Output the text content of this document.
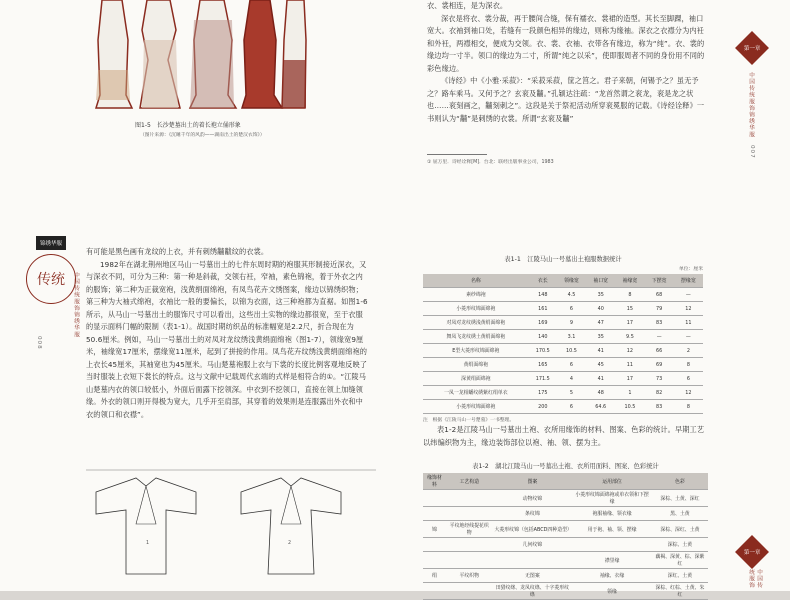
图1-5　长沙楚墓出土的着长袍立俑形象
（图片来源：《沉睡千年的风韵——湖南出土的楚汉衣饰》）

衣、裳相连，是为深衣。

深衣是将衣、裳分裁，再于腰间合缝，保有襦衣、裳裙的造型。其长至脚踝，袖口宽大。衣袖到袖口处，若缝有一段颜色相异的缘边，则称为缘袖。深衣之衣襟分为内衽和外衽，两襟相交，便成为交领。衣、裳、衣袖、衣带各有缘边，称为“纯”。衣、裳的缘边均一寸半。领口的缘边为二寸，所谓“纯之以采”，使即服周者不同的身份用不同的彩色缘边。

《诗经》中《小雅·采菽》：“采菽采菽，筐之筥之。君子来朝，何锡予之？虽无予之？路车乘马。又何予之？玄衮及黼。”孔颖达注疏：“龙首然谓之衮龙，衮是龙之状也……衮刻画之，黼刻刺之”。这段是关于祭祀活动所穿衮冕服的记载。《诗经诠释》一书则认为“黼”是刺绣的衣裳。所谓“玄衮及黼”

① 屈万里．诗经诠释[M]．台北：联经出版事业公司，1983
第一章
中国传统服饰锦绣华服
007
锦绣华服
传统 中国传统服饰锦绣华服
008

有可能是黑色画有龙纹的上衣，并有刺绣黼黻纹的衣裳。

1982年在湖北荆州地区马山一号墓出土的七件东周时期的袍服其形制接近深衣，又与深衣不同，可分为三种：第一种是斜裁，交领右衽，窄袖，素色锦袍，着于外衣之内的服饰；第二种为正裁宽袍，浅黄绢面绵袍，有凤鸟花卉文绣图案，缘边以锦绣织物；第三种为大袖式绵袍，衣袖比一般的要偏长，以锦为衣面，这三种袍都为直裾。如图1-6所示，从马山一号墓出土的服饰尺寸可以看出，这些出土实物的缘边都很宽，至于衣服的显示面料门幅的限制（表1-1）。战国时期纺织品的标准幅宽是2.2尺，折合现在为50.6厘米。例如，马山一号墓出土的对凤对龙纹绣浅黄绢面绵袍（图1-7），领缘宽9厘米，袖缘宽17厘米，摆缘宽11厘米，起到了拼接的作用。凤鸟花卉纹绣浅黄绢面绵袍的上衣长45厘米，其袖宽也为45厘米。马山楚墓袍服上衣与下裳的长度比例客观地反映了当时服装上衣短下裳长的特点。这与文献中记载周代玄端的式样是相符合的①。“江陵马山楚墓内衣的领口较低小，外面后面露下挖领深。中衣到不挖领口，直接在领上加缝领缘。外衣的领口则开得极为宽大，几乎开至肩部，其穿着的效果则是连服露出外衣和中衣的领口和衣襟”。

1	2

表1-1　江陵马山一号墓出土袍服数据统计

单位：厘米
名称	衣长	领缘宽	袖口宽	袖缘宽	下摆宽	摆缘宽
素纱绵袍	148	4.5	35	8	68	—
小菱形纹锦面绵袍	161	6	40	15	79	12
对凤对龙纹绣浅黄绢面绵袍	169	9	47	17	83	11
舞凤飞龙纹绣土黄绢面绵袍	140	3.1	35	9.5	—	—
E型大菱形纹锦面绵袍	170.5	10.5	41	12	66	2
黄绢面绵袍	165	6	45	11	69	8
深黄绢面绵袍	171.5	4	41	17	73	6
一凤一龙相蟠纹绣紫红绢单衣	175	5	48	1	82	12
小菱形纹锦面绵袍	200	6	64.6	10.5	83	8
注　根据《江陵马山一号楚墓》一书整理。

表1-2是江陵马山一号墓出土袍、衣所用缘饰的材料、图案、色彩的统计。早期工艺以纬编织物为主，缘边装饰部位以袍、袖、领、摆为主。

表1-2　湖北江陵马山一号墓出土袍、衣所用面料、图案、色彩统计

缘饰材料	工艺构造	图案	运用部位	色彩
		动物纹锦	小菱形纹锦面绵袍或单衣领和下摆缘	深棕、土黄、深红
		条纹锦	袍服袖缘、领衣缘	黑、土黄
锦	平纹地经线提花织物	大菱形纹锦（包括ABCD四种造型）	用于袍、袖、领、摆缘	深棕、深红、土黄
		几何纹锦		深棕、土黄
			襟里缘	藕褐、深黄、棕、深紫红
绢	平纹织物	无图案	袖缘、衣缘	深红、土黄
		田猎纹绦、龙凤纹绦、十字菱形纹绦	领缘	深棕、红棕、土黄、朱红
第一章
中国传统服饰
